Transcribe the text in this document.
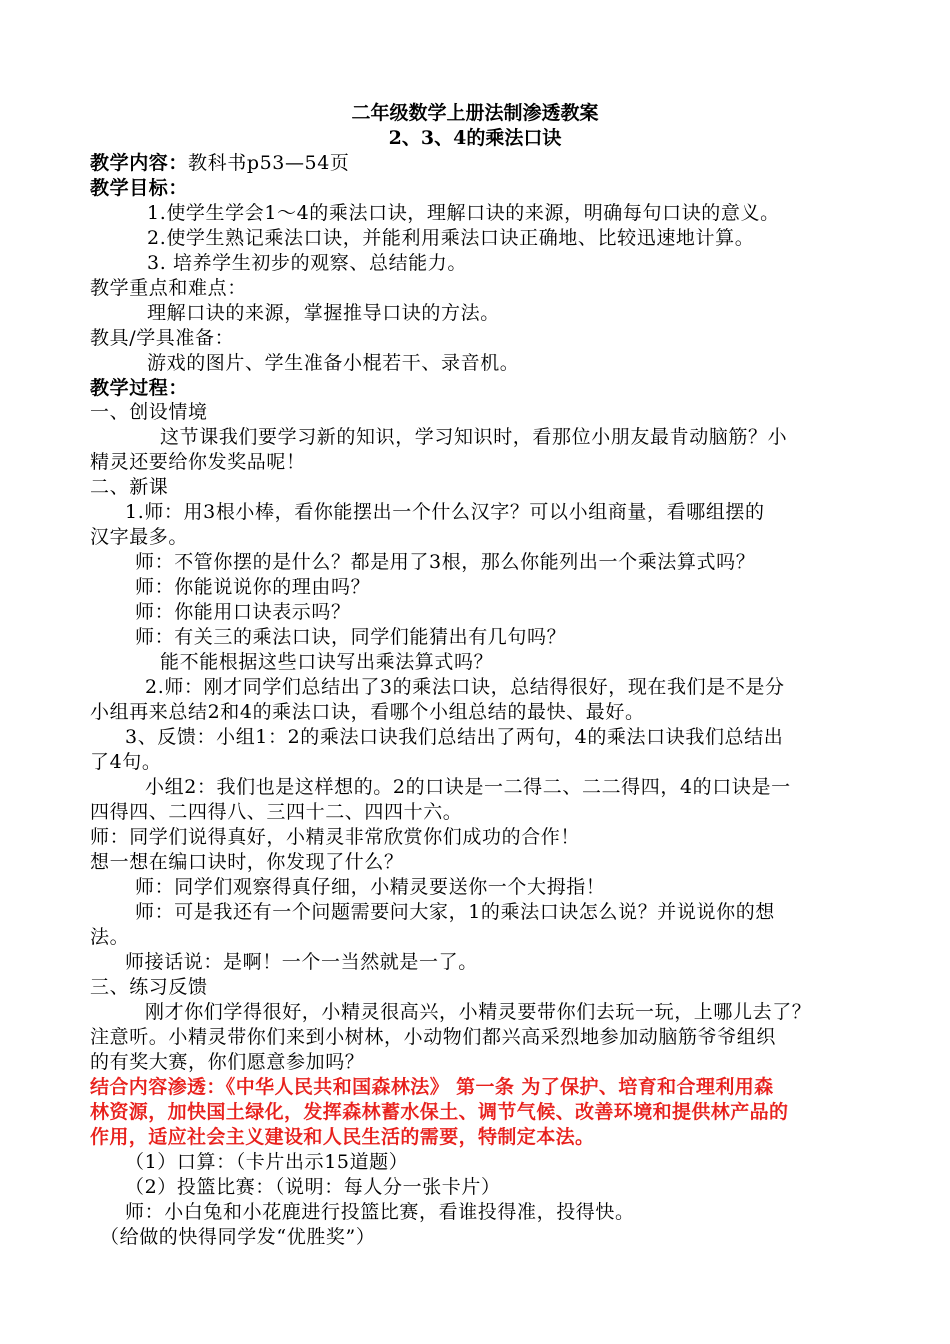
二年级数学上册法制渗透教案
2、3、4的乘法口诀
教学内容：教科书p53—54页
教学目标：
1.使学生学会1～4的乘法口诀，理解口诀的来源，明确每句口诀的意义。
2.使学生熟记乘法口诀，并能利用乘法口诀正确地、比较迅速地计算。
3. 培养学生初步的观察、总结能力。
教学重点和难点：
理解口诀的来源，掌握推导口诀的方法。
教具/学具准备：
游戏的图片、学生准备小棍若干、录音机。
教学过程：
一、创设情境
这节课我们要学习新的知识，学习知识时，看那位小朋友最肯动脑筋？小
精灵还要给你发奖品呢！
二、新课
1.师：用3根小棒，看你能摆出一个什么汉字？可以小组商量，看哪组摆的
汉字最多。
师：不管你摆的是什么？都是用了3根，那么你能列出一个乘法算式吗？
师：你能说说你的理由吗？
师：你能用口诀表示吗？
师：有关三的乘法口诀，同学们能猜出有几句吗？
能不能根据这些口诀写出乘法算式吗？
2.师：刚才同学们总结出了3的乘法口诀，总结得很好，现在我们是不是分
小组再来总结2和4的乘法口诀，看哪个小组总结的最快、最好。
3、反馈：小组1：2的乘法口诀我们总结出了两句，4的乘法口诀我们总结出
了4句。
小组2：我们也是这样想的。2的口诀是一二得二、二二得四，4的口诀是一
四得四、二四得八、三四十二、四四十六。
师：同学们说得真好，小精灵非常欣赏你们成功的合作！
想一想在编口诀时，你发现了什么？
师：同学们观察得真仔细，小精灵要送你一个大拇指！
师：可是我还有一个问题需要问大家，1的乘法口诀怎么说？并说说你的想
法。
师接话说：是啊！一个一当然就是一了。
三、练习反馈
刚才你们学得很好，小精灵很高兴，小精灵要带你们去玩一玩，上哪儿去了？
注意听。小精灵带你们来到小树林，小动物们都兴高采烈地参加动脑筋爷爷组织
的有奖大赛，你们愿意参加吗？
结合内容渗透：《中华人民共和国森林法》 第一条 为了保护、培育和合理利用森
林资源，加快国土绿化，发挥森林蓄水保土、调节气候、改善环境和提供林产品的
作用，适应社会主义建设和人民生活的需要，特制定本法。
（1）口算：（卡片出示15道题）
（2）投篮比赛：（说明：每人分一张卡片）
师：小白兔和小花鹿进行投篮比赛，看谁投得准，投得快。
（给做的快得同学发“优胜奖”）
